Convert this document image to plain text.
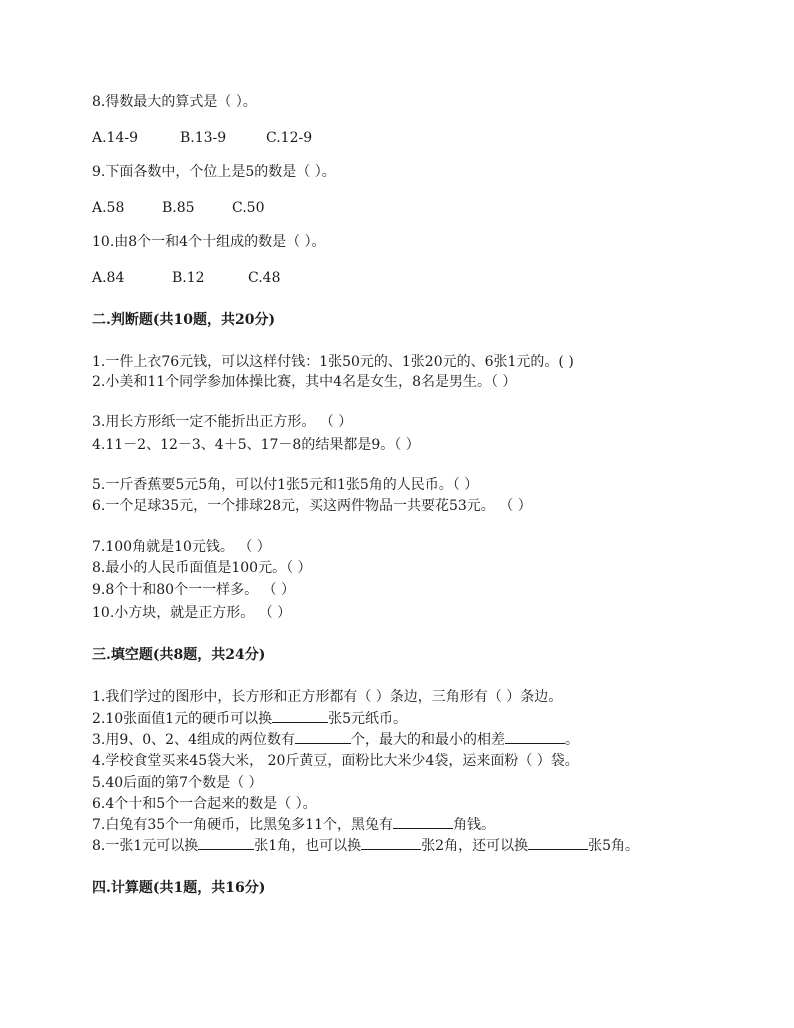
8.得数最大的算式是（ ）。
A.14-9	B.13-9	C.12-9
9.下面各数中，个位上是5的数是（ ）。
A.58	B.85	C.50
10.由8个一和4个十组成的数是（ ）。
A.84	B.12	C.48
二.判断题(共10题，共20分)
1.一件上衣76元钱，可以这样付钱：1张50元的、1张20元的、6张1元的。( )
2.小美和11个同学参加体操比赛，其中4名是女生，8名是男生。（ ）
3.用长方形纸一定不能折出正方形。 （ ）
4.11－2、12－3、4＋5、17－8的结果都是9。（ ）
5.一斤香蕉要5元5角，可以付1张5元和1张5角的人民币。（ ）
6.一个足球35元，一个排球28元，买这两件物品一共要花53元。 （ ）
7.100角就是10元钱。 （ ）
8.最小的人民币面值是100元。（ ）
9.8个十和80个一一样多。 （ ）
10.小方块，就是正方形。 （ ）
三.填空题(共8题，共24分)
1.我们学过的图形中，长方形和正方形都有（ ）条边，三角形有（ ）条边。
2.10张面值1元的硬币可以换	张5元纸币。
3.用9、0、2、4组成的两位数有	个，最大的和最小的相差	。
4.学校食堂买来45袋大米， 20斤黄豆，面粉比大米少4袋，运来面粉（ ）袋。
5.40后面的第7个数是（ ）
6.4个十和5个一合起来的数是（ ）。
7.白兔有35个一角硬币，比黑兔多11个，黑兔有	角钱。
8.一张1元可以换	张1角，也可以换	张2角，还可以换	张5角。
四.计算题(共1题，共16分)
